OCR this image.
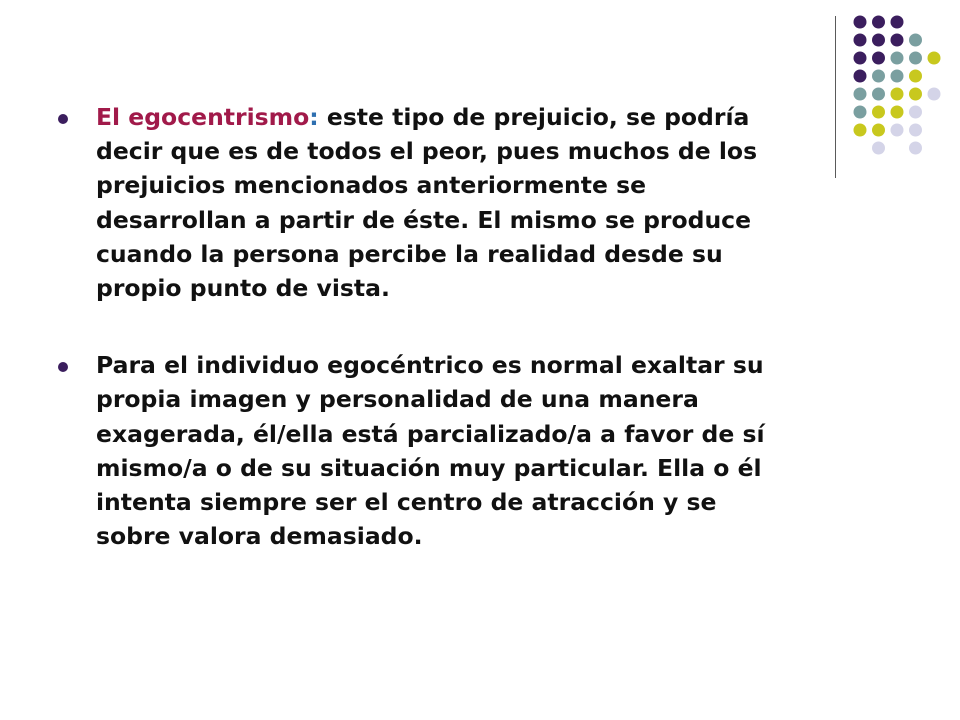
El egocentrismo: este tipo de prejuicio, se podría decir que es de todos el peor, pues muchos de los prejuicios mencionados anteriormente se desarrollan a partir de éste. El mismo se produce cuando la persona percibe la realidad desde su propio punto de vista.
Para el individuo egocéntrico es normal exaltar su propia imagen y personalidad de una manera exagerada, él/ella está parcializado/a a favor de sí mismo/a o de su situación muy particular. Ella o él intenta siempre ser el centro de atracción y se sobre valora demasiado.
